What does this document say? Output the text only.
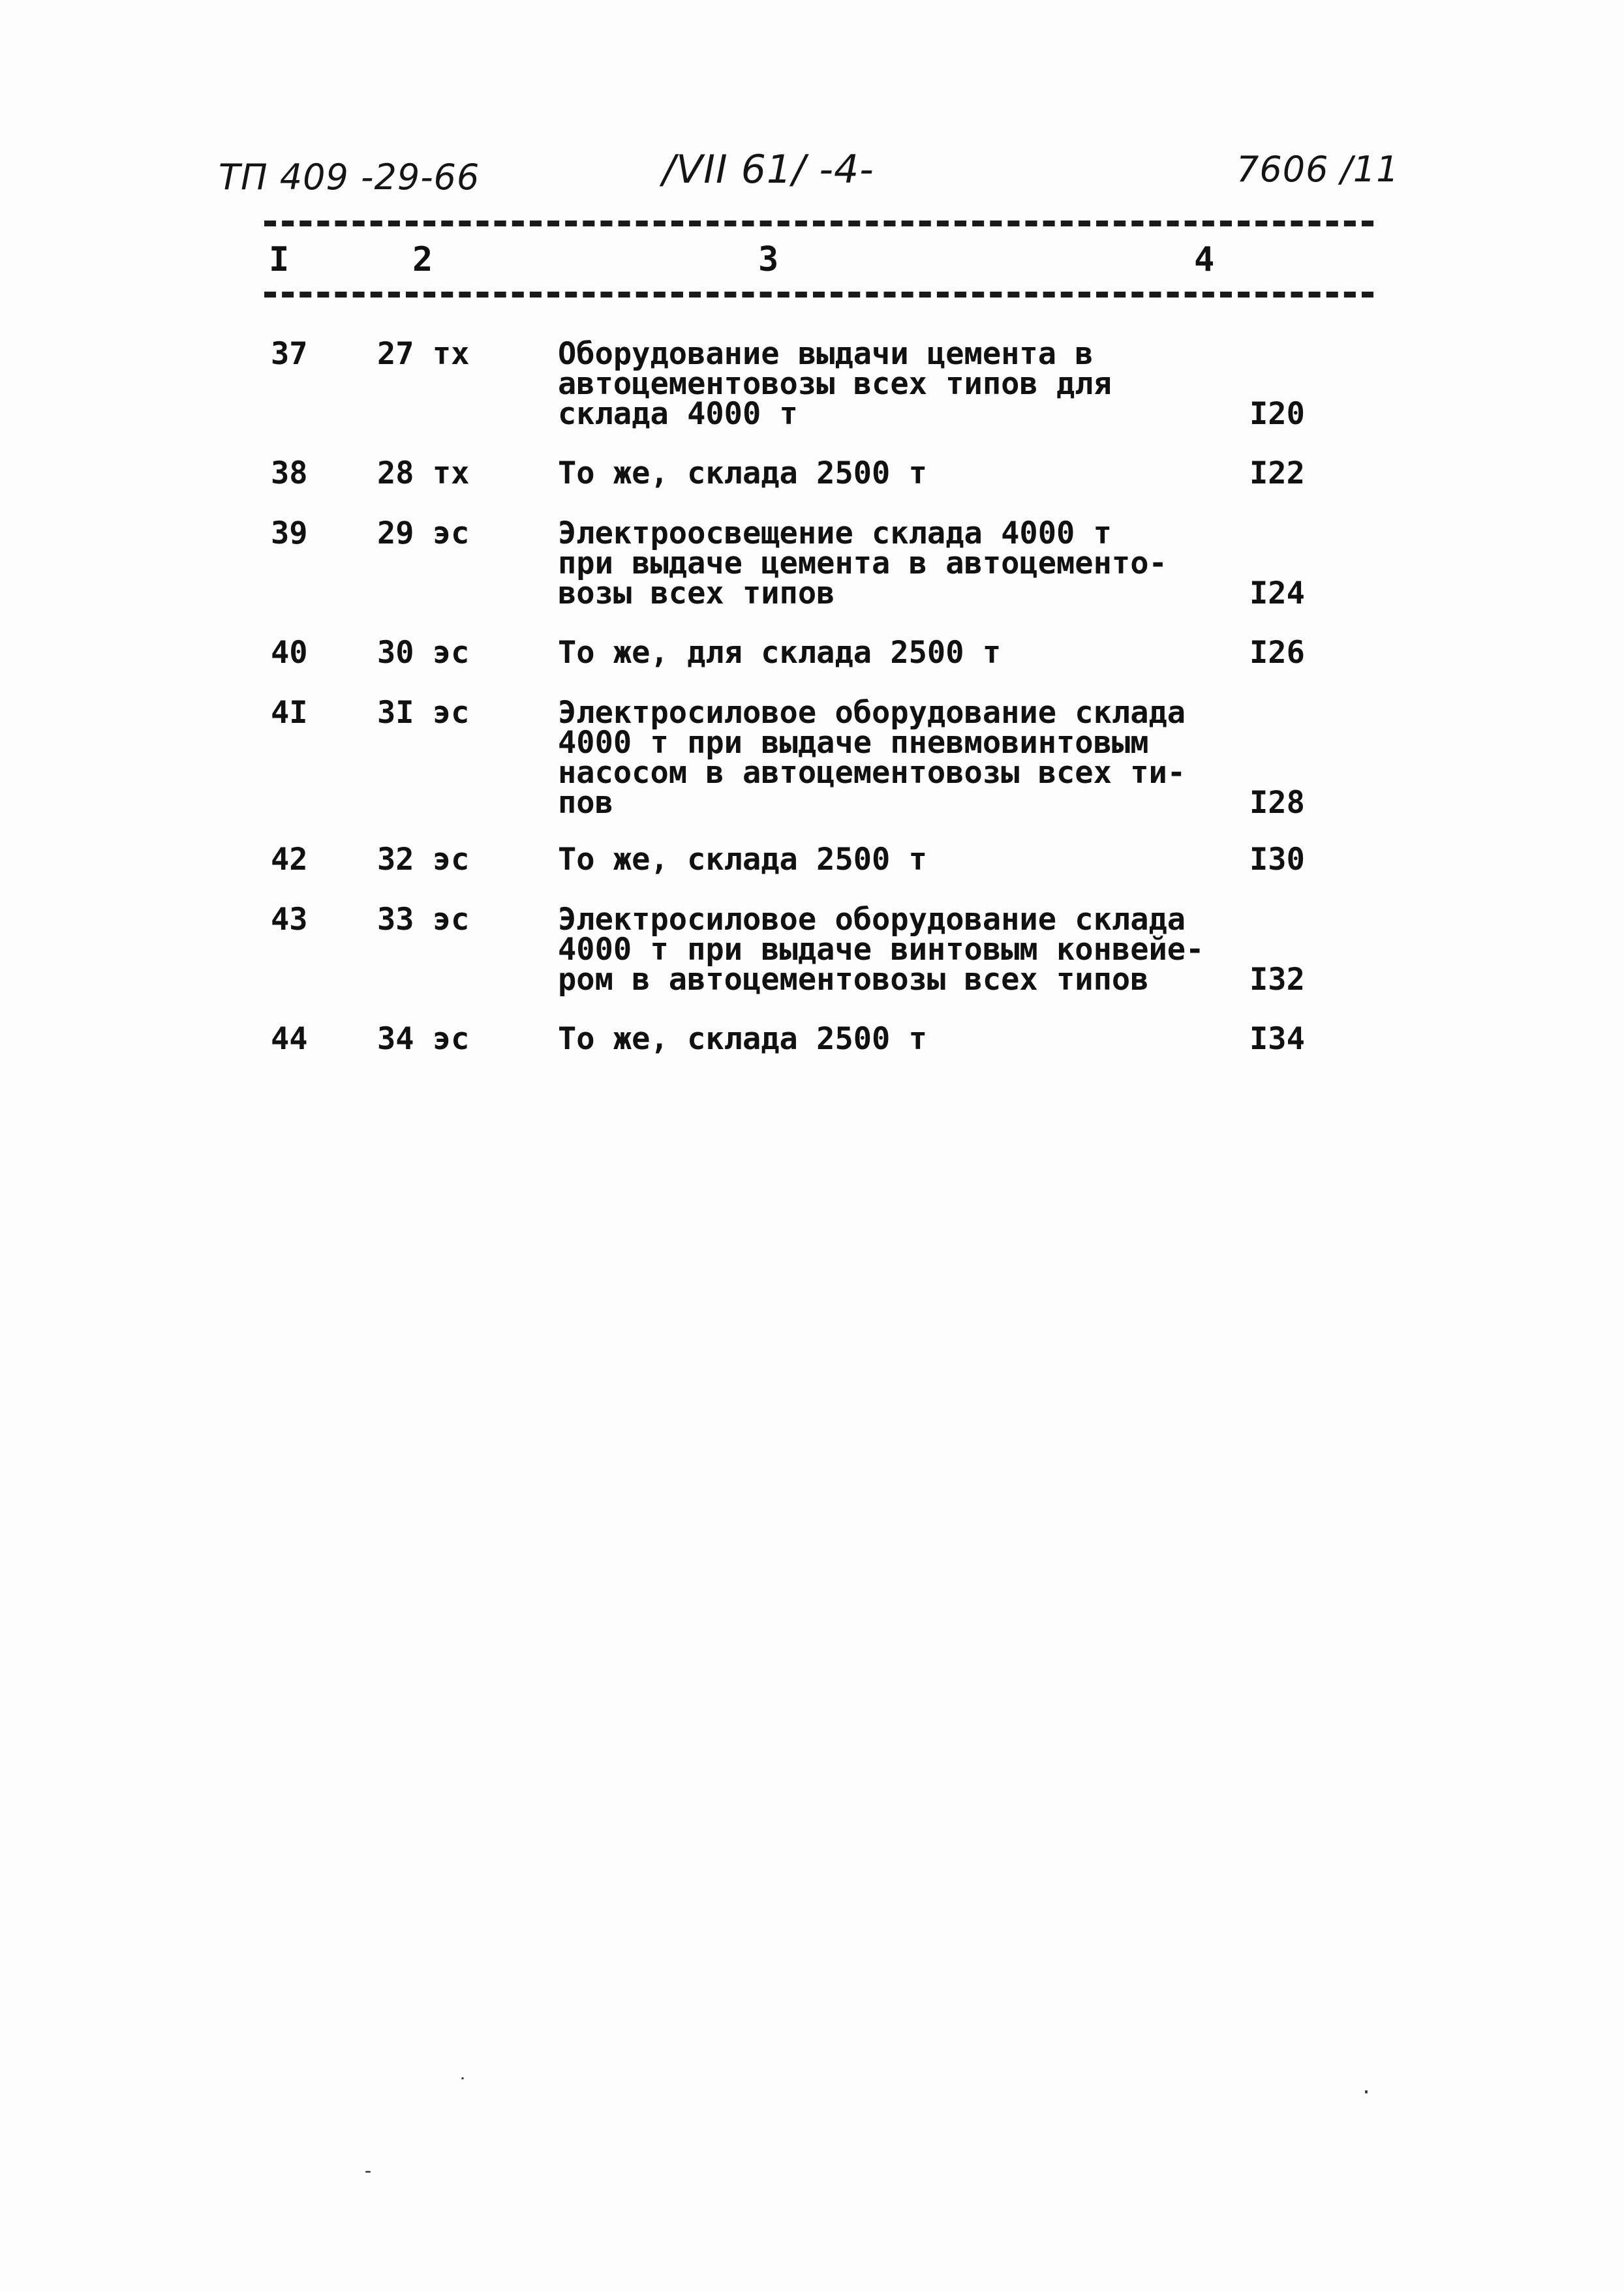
ТП 409 -29-66	/VII 61/ -4-	7606 /11
I	2	3	4
37 27 тх	Оборудование выдачи цемента в
автоцементовозы всех типов для
склада 4000 т	I20
38 28 тх	То же, склада 2500 т	I22
39 29 эс	Электроосвещение склада 4000 т
при выдаче цемента в автоцементо-
возы всех типов	I24
40 30 эс	То же, для склада 2500 т	I26
4I 3I эс	Электросиловое оборудование склада
4000 т при выдаче пневмовинтовым
насосом в автоцементовозы всех ти-
пов	I28
42 32 эс	То же, склада 2500 т	I30
43 33 эс	Электросиловое оборудование склада
4000 т при выдаче винтовым конвейе-
ром в автоцементовозы всех типов	I32
44 34 эс	То же, склада 2500 т	I34
˙	·
-
